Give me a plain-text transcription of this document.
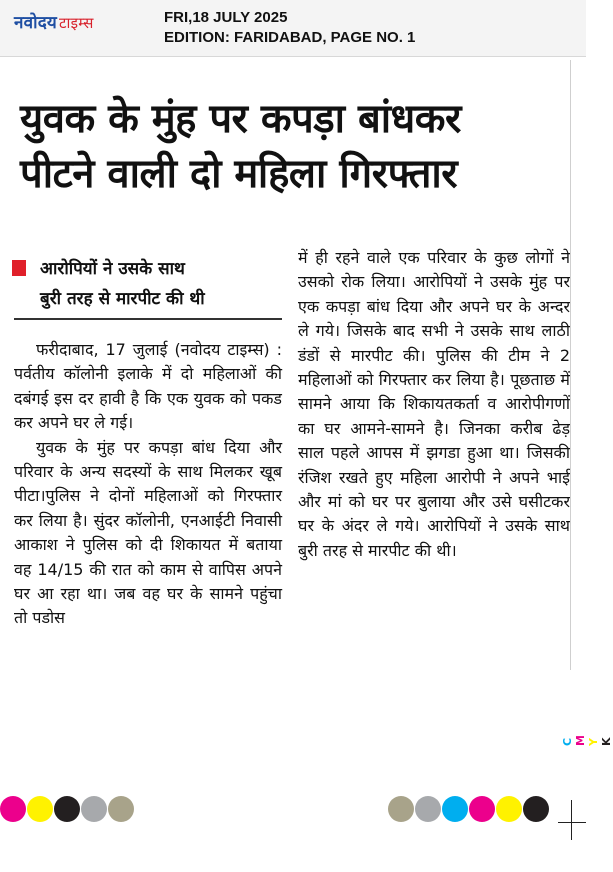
नवोदय टाइम्स	FRI,18 JULY 2025
EDITION: FARIDABAD, PAGE NO. 1
युवक के मुंह पर कपड़ा बांधकर
पीटने वाली दो महिला गिरफ्तार
आरोपियों ने उसके साथ
बुरी तरह से मारपीट की थी

फरीदाबाद, 17 जुलाई (नवोदय टाइम्स) : पर्वतीय कॉलोनी इलाके में दो महिलाओं की दबंगई इस दर हावी है कि एक युवक को पकड कर अपने घर ले गई।

युवक के मुंह पर कपड़ा बांध दिया और परिवार के अन्य सदस्यों के साथ मिलकर खूब पीटा।पुलिस ने दोनों महिलाओं को गिरफ्तार कर लिया है। सुंदर कॉलोनी, एनआईटी निवासी आकाश ने पुलिस को दी शिकायत में बताया वह 14/15 की रात को काम से वापिस अपने घर आ रहा था। जब वह घर के सामने पहुंचा तो पडोस

में ही रहने वाले एक परिवार के कुछ लोगों ने उसको रोक लिया। आरोपियों ने उसके मुंह पर एक कपड़ा बांध दिया और अपने घर के अन्दर ले गये। जिसके बाद सभी ने उसके साथ लाठी डंडों से मारपीट की। पुलिस की टीम ने 2 महिलाओं को गिरफ्तार कर लिया है। पूछताछ में सामने आया कि शिकायतकर्ता व आरोपीगणों का घर आमने-सामने है। जिनका करीब ढेड़ साल पहले आपस में झगडा हुआ था। जिसकी रंजिश रखते हुए महिला आरोपी ने अपने भाई और मां को घर पर बुलाया और उसे घसीटकर घर के अंदर ले गये। आरोपियों ने उसके साथ बुरी तरह से मारपीट की थी।

C M Y K
